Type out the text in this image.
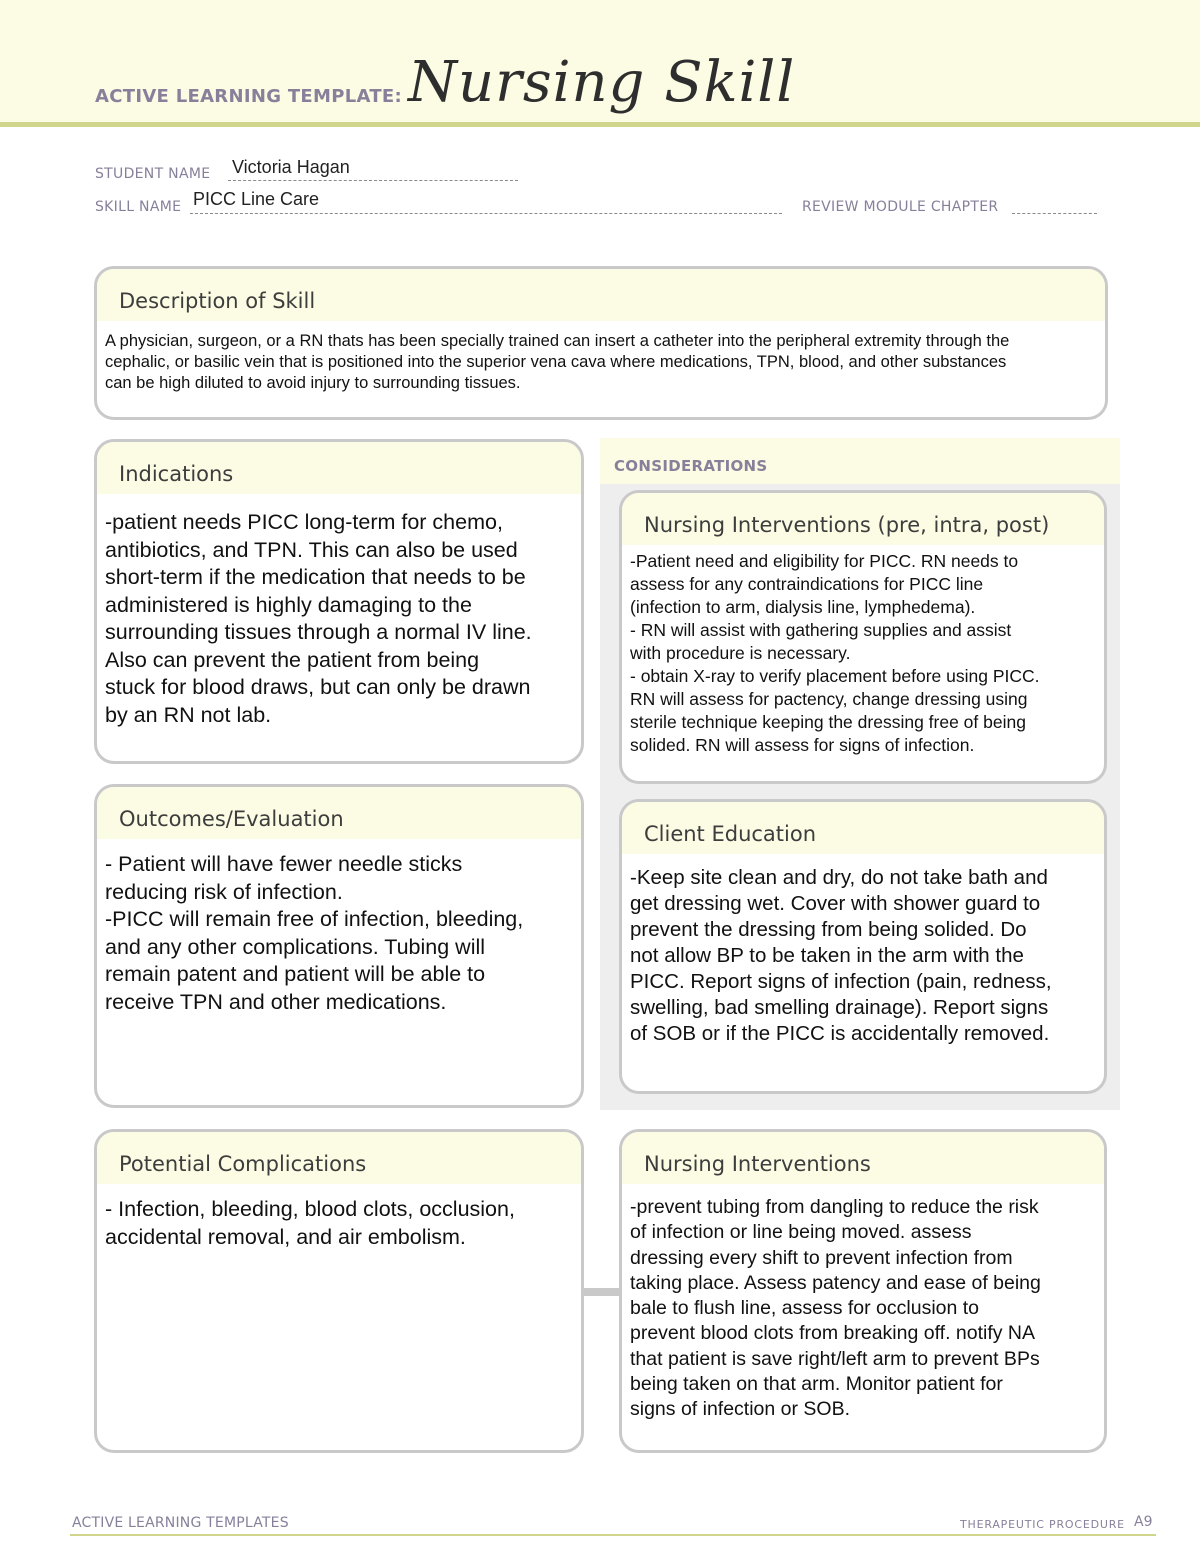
ACTIVE LEARNING TEMPLATE: Nursing Skill
STUDENT NAME Victoria Hagan
SKILL NAME PICC Line Care	REVIEW MODULE CHAPTER
Description of Skill
A physician, surgeon, or a RN thats has been specially trained can insert a catheter into the peripheral extremity through the
cephalic, or basilic vein that is positioned into the superior vena cava where medications, TPN, blood, and other substances
can be high diluted to avoid injury to surrounding tissues.
CONSIDERATIONS
Indications
-patient needs PICC long-term for chemo,
antibiotics, and TPN. This can also be used
short-term if the medication that needs to be
administered is highly damaging to the
surrounding tissues through a normal IV line.
Also can prevent the patient from being
stuck for blood draws, but can only be drawn
by an RN not lab.
Nursing Interventions (pre, intra, post)
-Patient need and eligibility for PICC. RN needs to
assess for any contraindications for PICC line
(infection to arm, dialysis line, lymphedema).
- RN will assist with gathering supplies and assist
with procedure is necessary.
- obtain X-ray to verify placement before using PICC.
RN will assess for pactency, change dressing using
sterile technique keeping the dressing free of being
solided. RN will assess for signs of infection.
Outcomes/Evaluation
- Patient will have fewer needle sticks
reducing risk of infection.
-PICC will remain free of infection, bleeding,
and any other complications. Tubing will
remain patent and patient will be able to
receive TPN and other medications.
Client Education
-Keep site clean and dry, do not take bath and
get dressing wet. Cover with shower guard to
prevent the dressing from being solided. Do
not allow BP to be taken in the arm with the
PICC. Report signs of infection (pain, redness,
swelling, bad smelling drainage). Report signs
of SOB or if the PICC is accidentally removed.
Potential Complications
- Infection, bleeding, blood clots, occlusion,
accidental removal, and air embolism.
Nursing Interventions
-prevent tubing from dangling to reduce the risk
of infection or line being moved. assess
dressing every shift to prevent infection from
taking place. Assess patency and ease of being
bale to flush line, assess for occlusion to
prevent blood clots from breaking off. notify NA
that patient is save right/left arm to prevent BPs
being taken on that arm. Monitor patient for
signs of infection or SOB.
ACTIVE LEARNING TEMPLATES	THERAPEUTIC PROCEDURE A9
